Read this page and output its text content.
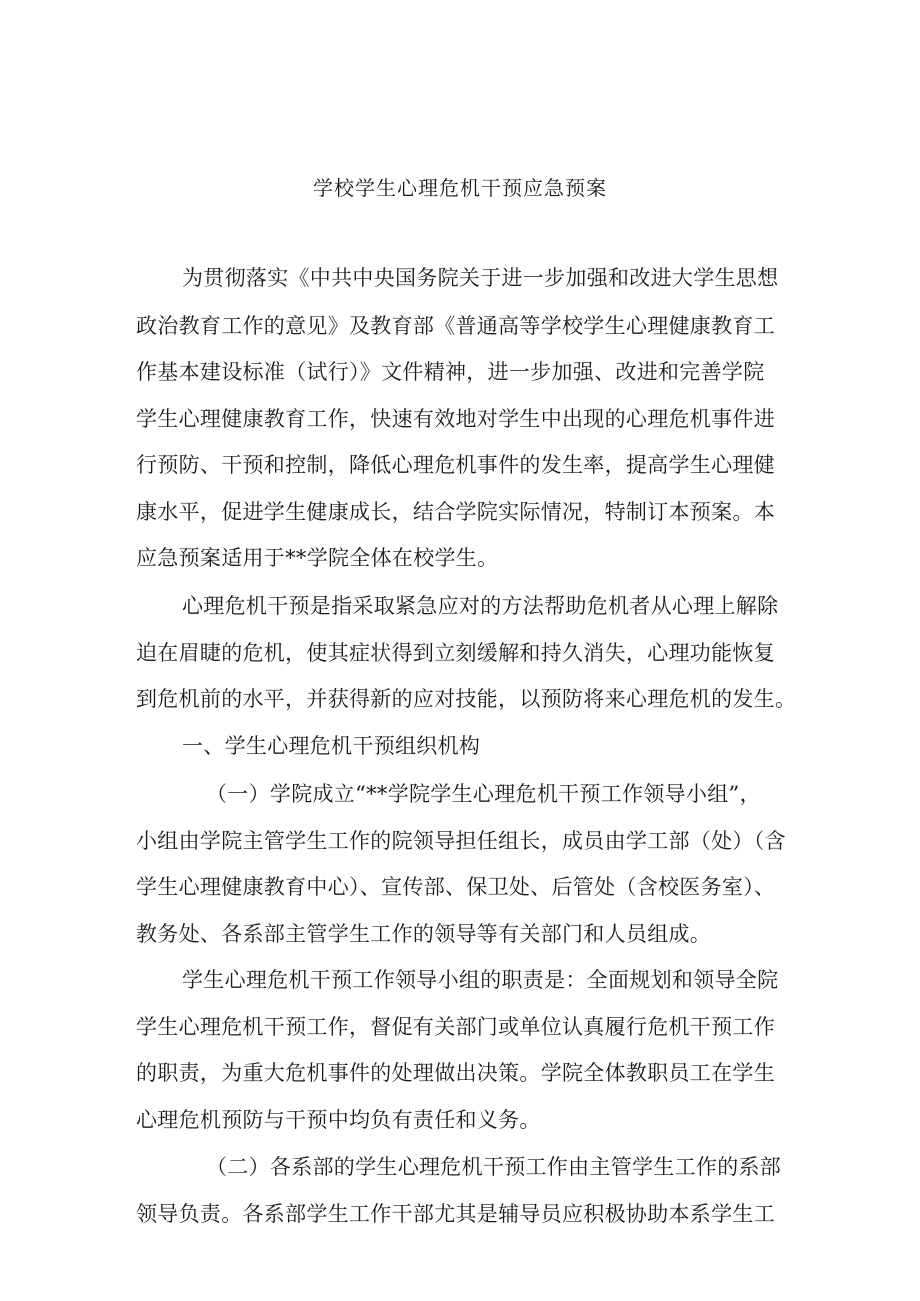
学校学生心理危机干预应急预案
为贯彻落实《中共中央国务院关于进一步加强和改进大学生思想
政治教育工作的意见》及教育部《普通高等学校学生心理健康教育工
作基本建设标准（试行）》文件精神，进一步加强、改进和完善学院
学生心理健康教育工作，快速有效地对学生中出现的心理危机事件进
行预防、干预和控制，降低心理危机事件的发生率，提高学生心理健
康水平，促进学生健康成长，结合学院实际情况，特制订本预案。本
应急预案适用于**学院全体在校学生。
心理危机干预是指采取紧急应对的方法帮助危机者从心理上解除
迫在眉睫的危机，使其症状得到立刻缓解和持久消失，心理功能恢复
到危机前的水平，并获得新的应对技能，以预防将来心理危机的发生。
一、学生心理危机干预组织机构
（一）学院成立“**学院学生心理危机干预工作领导小组”，
小组由学院主管学生工作的院领导担任组长，成员由学工部（处）（含
学生心理健康教育中心）、宣传部、保卫处、后管处（含校医务室）、
教务处、各系部主管学生工作的领导等有关部门和人员组成。
学生心理危机干预工作领导小组的职责是：全面规划和领导全院
学生心理危机干预工作，督促有关部门或单位认真履行危机干预工作
的职责，为重大危机事件的处理做出决策。学院全体教职员工在学生
心理危机预防与干预中均负有责任和义务。
（二）各系部的学生心理危机干预工作由主管学生工作的系部
领导负责。各系部学生工作干部尤其是辅导员应积极协助本系学生工
